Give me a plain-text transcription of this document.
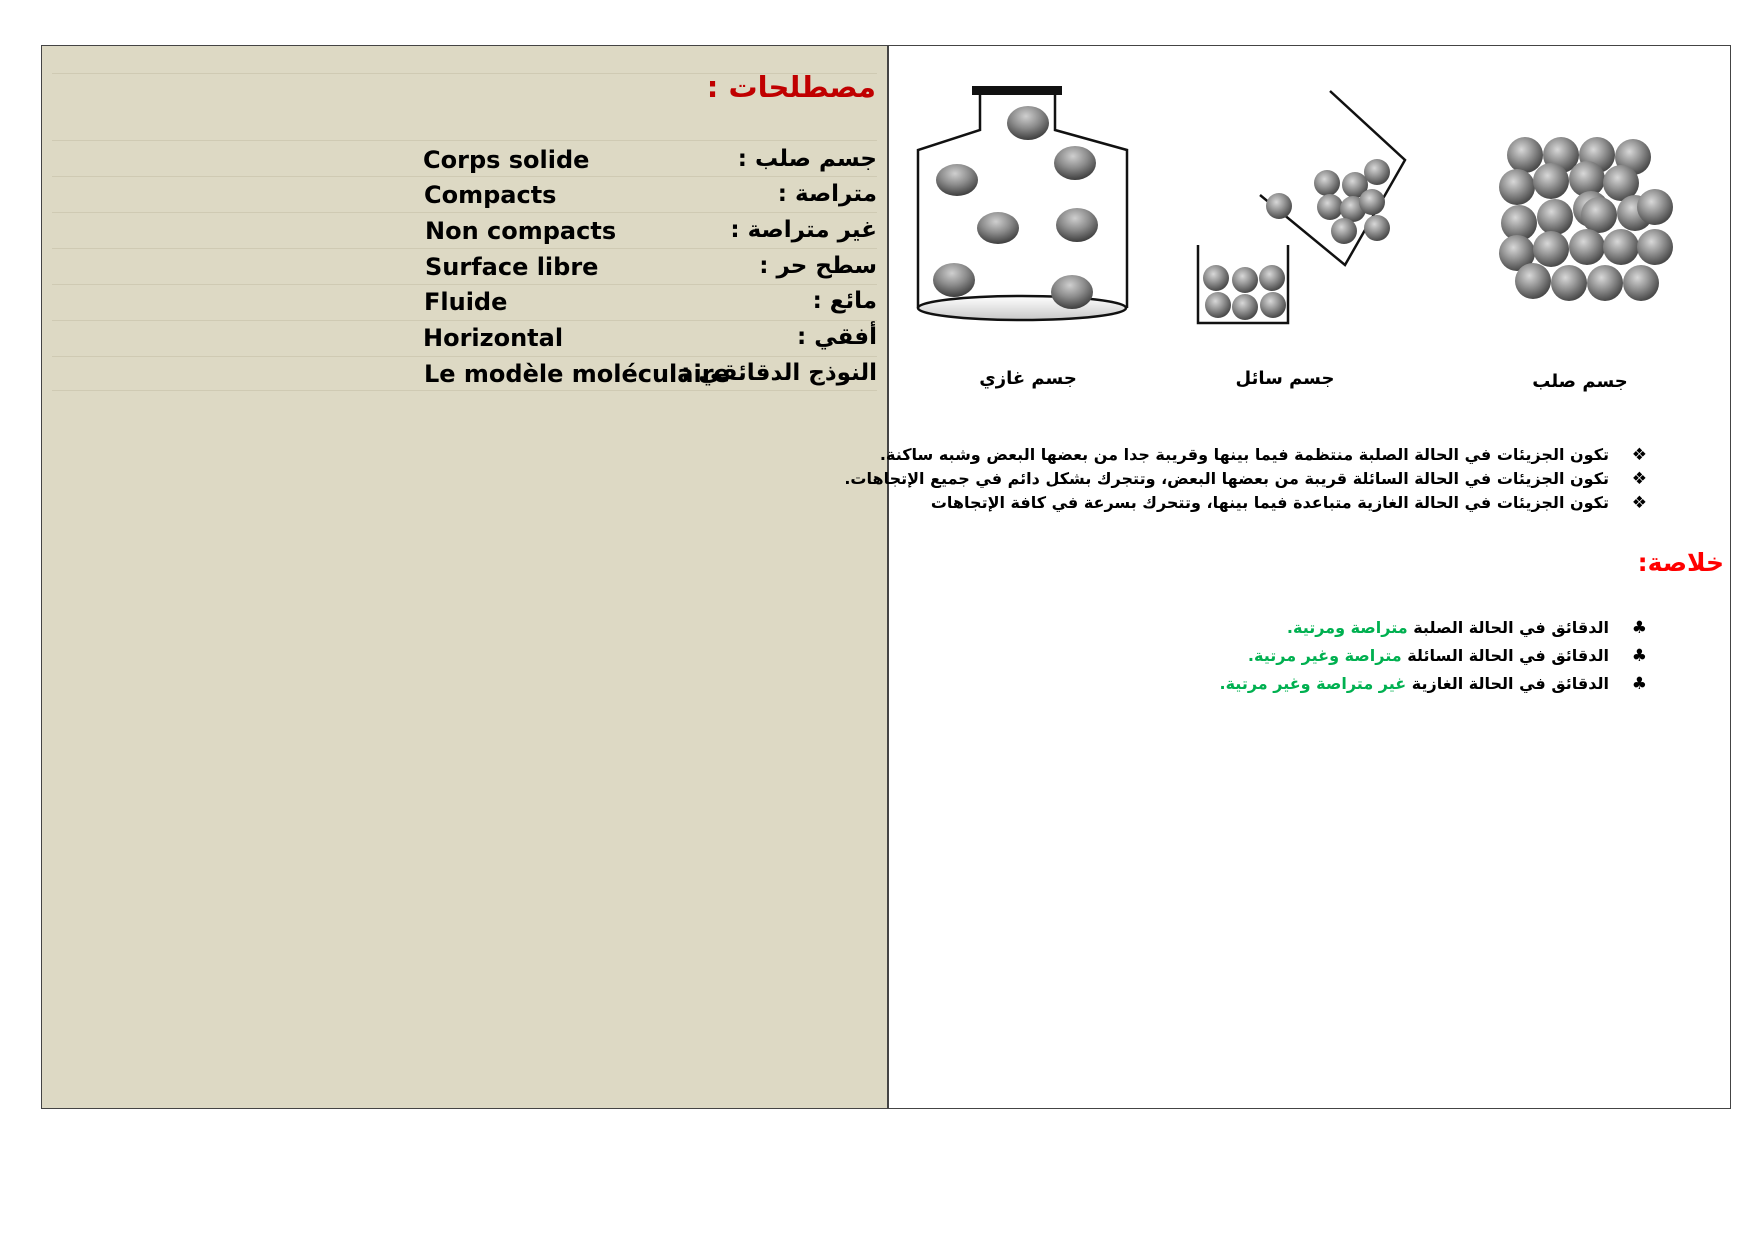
مصطلحات :
جسم صلب :
Corps solide
متراصة :
Compacts
غير متراصة :
Non compacts
سطح حر :
Surface libre
مائع :
Fluide
أفقي :
Horizontal
النوذج الدقائقي :
Le modèle moléculaire	جسم غازي	جسم سائل	جسم صلب
❖
تكون الجزيئات في الحالة الصلبة منتظمة فيما بينها وقريبة جدا من بعضها البعض وشبه ساكنة.
❖
تكون الجزيئات في الحالة السائلة قريبة من بعضها البعض، وتتجرك بشكل دائم في جميع الإتجاهات.
❖
تكون الجزيئات في الحالة الغازية متباعدة فيما بينها، وتتحرك بسرعة في كافة الإتجاهات
خلاصة:
♣
الدقائق في الحالة الصلبة متراصة ومرتية.
♣
الدقائق في الحالة السائلة متراصة وغير مرتية.
♣
الدقائق في الحالة الغازية غير متراصة وغير مرتية.
